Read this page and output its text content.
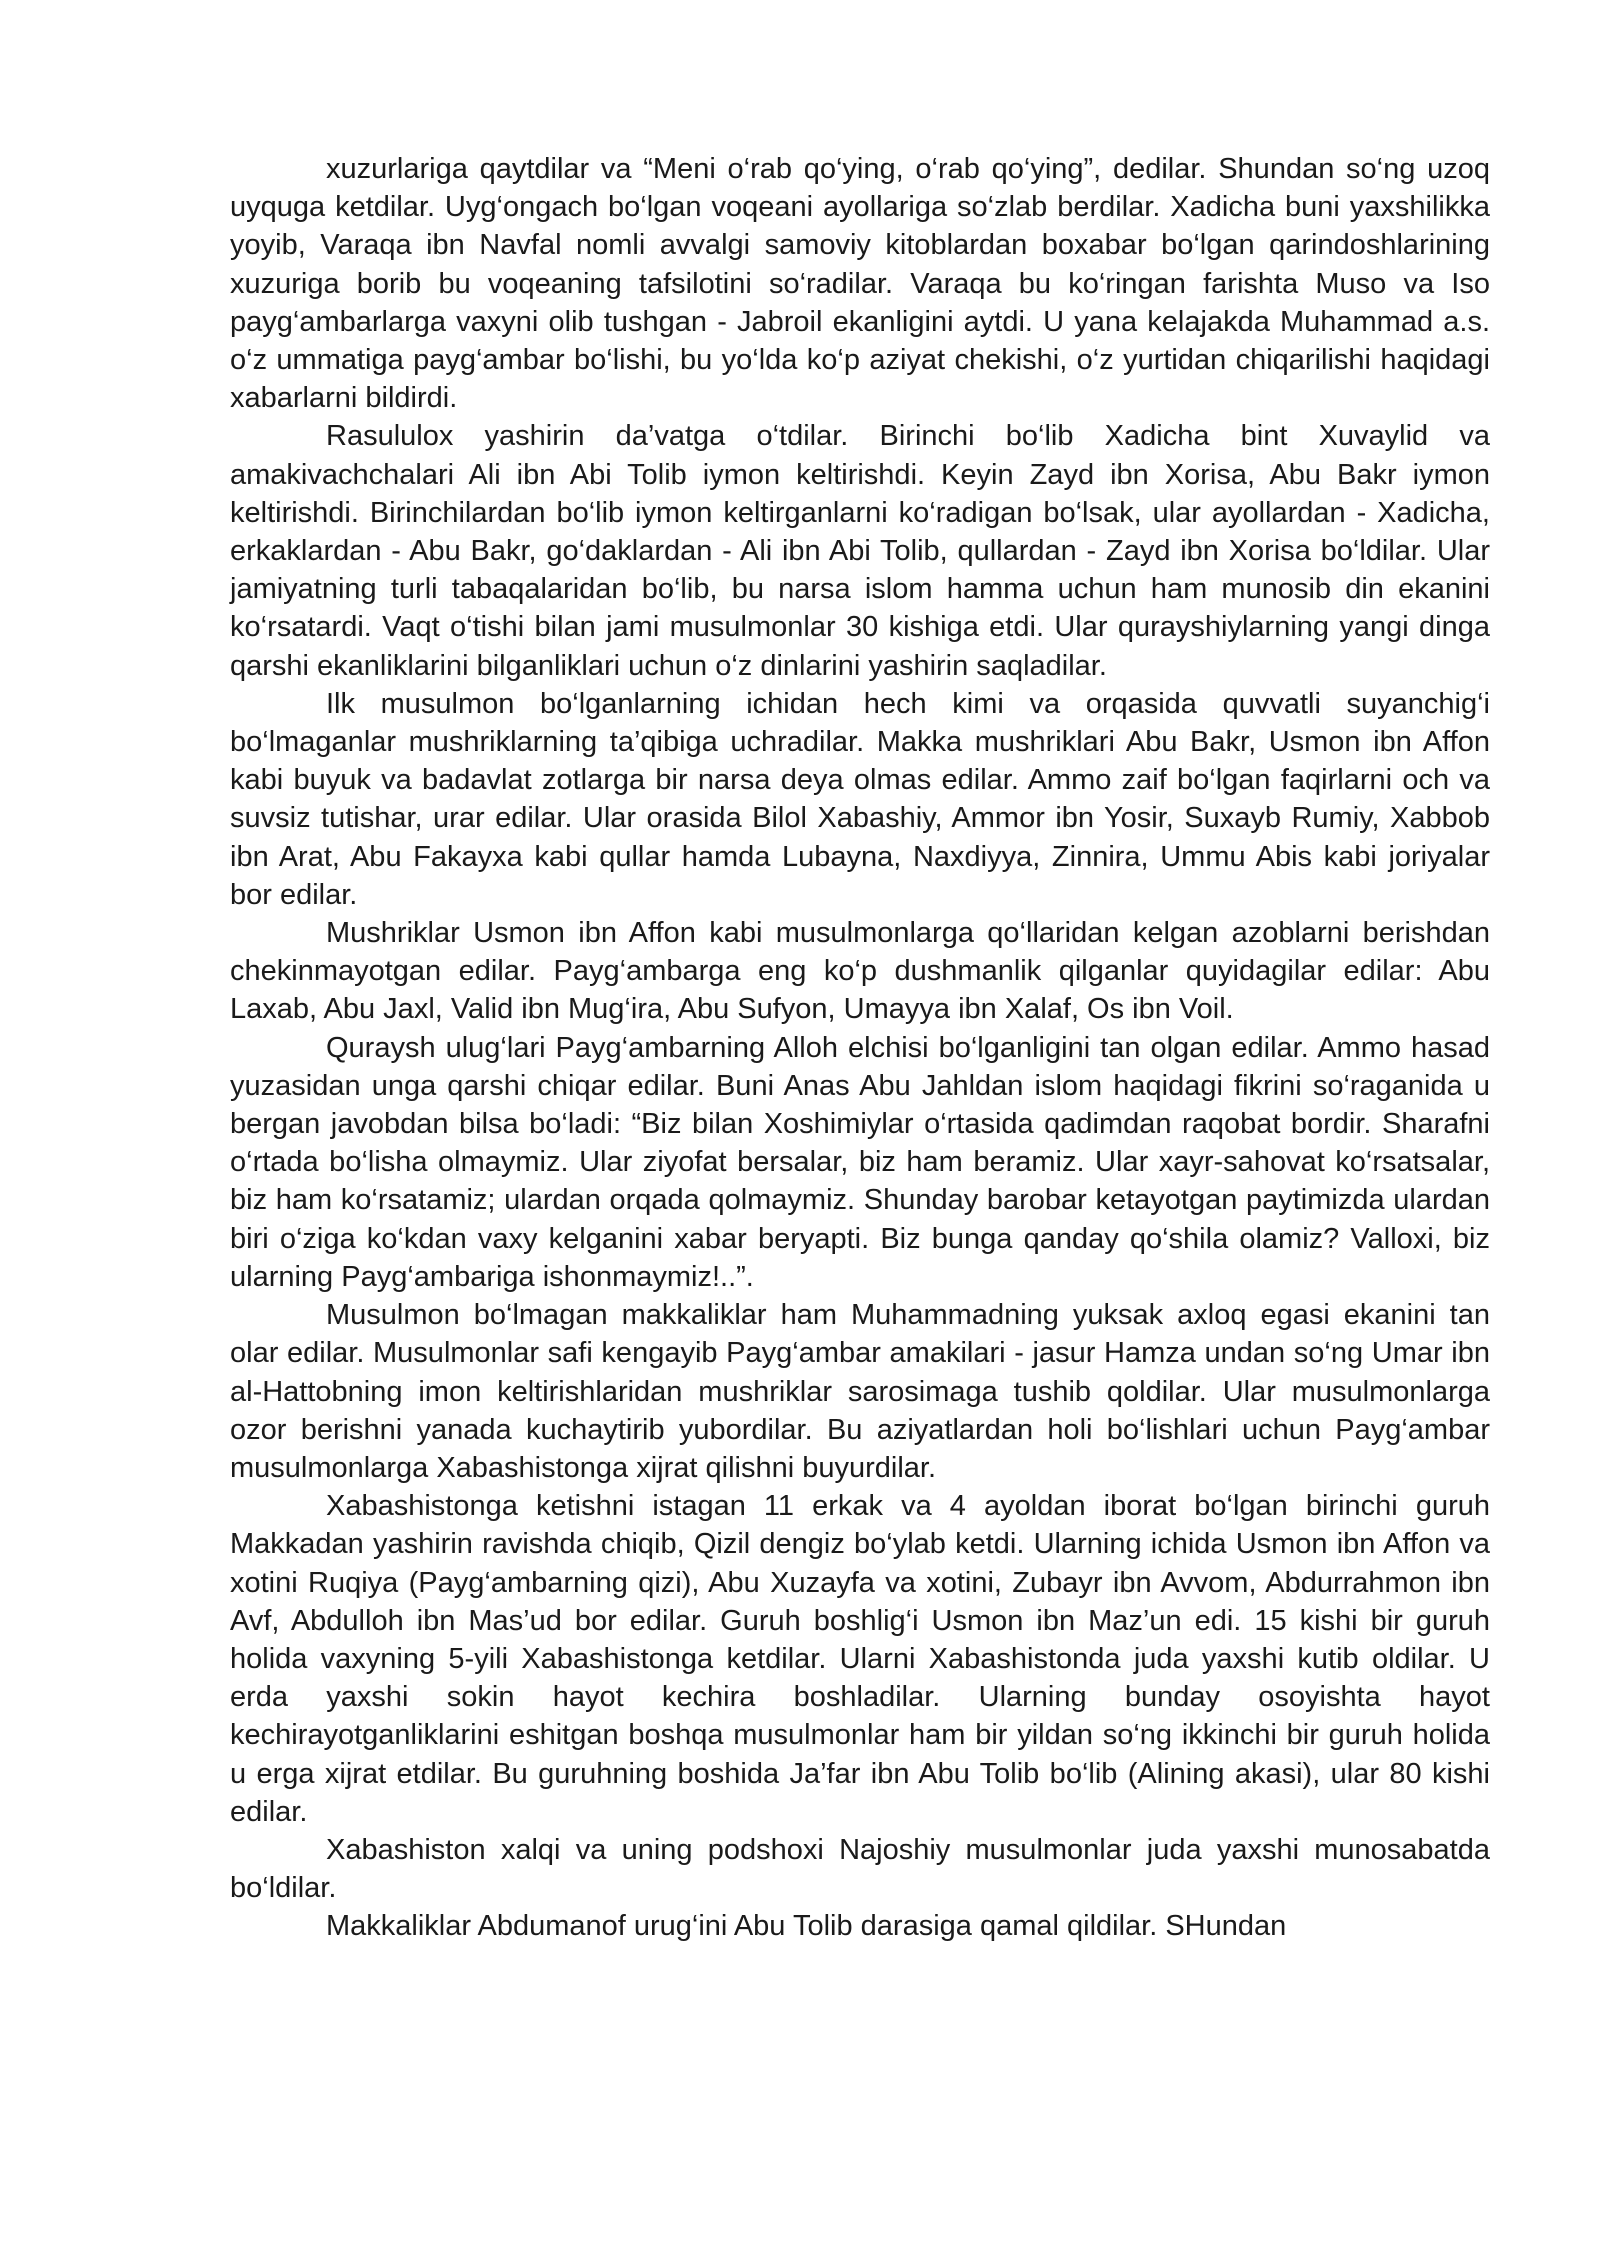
xuzurlariga qaytdilar va “Meni o‘rab qo‘ying, o‘rab qo‘ying”, dedilar. Shundan so‘ng uzoq uyquga ketdilar. Uyg‘ongach bo‘lgan voqeani ayollariga so‘zlab berdilar. Xadicha buni yaxshilikka yoyib, Varaqa ibn Navfal nomli avvalgi samoviy kitoblardan boxabar bo‘lgan qarindoshlarining xuzuriga borib bu voqeaning tafsilotini so‘radilar. Varaqa bu ko‘ringan farishta Muso va Iso payg‘ambarlarga vaxyni olib tushgan - Jabroil ekanligini aytdi. U yana kelajakda Muhammad a.s. o‘z ummatiga payg‘ambar bo‘lishi, bu yo‘lda ko‘p aziyat chekishi, o‘z yurtidan chiqarilishi haqidagi xabarlarni bildirdi.

Rasululox yashirin da’vatga o‘tdilar. Birinchi bo‘lib Xadicha bint Xuvaylid va amakivachchalari Ali ibn Abi Tolib iymon keltirishdi. Keyin Zayd ibn Xorisa, Abu Bakr iymon keltirishdi. Birinchilardan bo‘lib iymon keltirganlarni ko‘radigan bo‘lsak, ular ayollardan - Xadicha, erkaklardan - Abu Bakr, go‘daklardan - Ali ibn Abi Tolib, qullardan - Zayd ibn Xorisa bo‘ldilar. Ular jamiyatning turli tabaqalaridan bo‘lib, bu narsa islom hamma uchun ham munosib din ekanini ko‘rsatardi. Vaqt o‘tishi bilan jami musulmonlar 30 kishiga etdi. Ular qurayshiylarning yangi dinga qarshi ekanliklarini bilganliklari uchun o‘z dinlarini yashirin saqladilar.

Ilk musulmon bo‘lganlarning ichidan hech kimi va orqasida quvvatli suyanchig‘i bo‘lmaganlar mushriklarning ta’qibiga uchradilar. Makka mushriklari Abu Bakr, Usmon ibn Affon kabi buyuk va badavlat zotlarga bir narsa deya olmas edilar. Ammo zaif bo‘lgan faqirlarni och va suvsiz tutishar, urar edilar. Ular orasida Bilol Xabashiy, Ammor ibn Yosir, Suxayb Rumiy, Xabbob ibn Arat, Abu Fakayxa kabi qullar hamda Lubayna, Naxdiyya, Zinnira, Ummu Abis kabi joriyalar bor edilar.

Mushriklar Usmon ibn Affon kabi musulmonlarga qo‘llaridan kelgan azoblarni berishdan chekinmayotgan edilar. Payg‘ambarga eng ko‘p dushmanlik qilganlar quyidagilar edilar: Abu Laxab, Abu Jaxl, Valid ibn Mug‘ira, Abu Sufyon, Umayya ibn Xalaf, Os ibn Voil.

Quraysh ulug‘lari Payg‘ambarning Alloh elchisi bo‘lganligini tan olgan edilar. Ammo hasad yuzasidan unga qarshi chiqar edilar. Buni Anas Abu Jahldan islom haqidagi fikrini so‘raganida u bergan javobdan bilsa bo‘ladi: “Biz bilan Xoshimiylar o‘rtasida qadimdan raqobat bordir. Sharafni o‘rtada bo‘lisha olmaymiz. Ular ziyofat bersalar, biz ham beramiz. Ular xayr-sahovat ko‘rsatsalar, biz ham ko‘rsatamiz; ulardan orqada qolmaymiz. Shunday barobar ketayotgan paytimizda ulardan biri o‘ziga ko‘kdan vaxy kelganini xabar beryapti. Biz bunga qanday qo‘shila olamiz? Valloxi, biz ularning Payg‘ambariga ishonmaymiz!..”.

Musulmon bo‘lmagan makkaliklar ham Muhammadning yuksak axloq egasi ekanini tan olar edilar. Musulmonlar safi kengayib Payg‘ambar amakilari - jasur Hamza undan so‘ng Umar ibn al-Hattobning imon keltirishlaridan mushriklar sarosimaga tushib qoldilar. Ular musulmonlarga ozor berishni yanada kuchaytirib yubordilar. Bu aziyatlardan holi bo‘lishlari uchun Payg‘ambar musulmonlarga Xabashistonga xijrat qilishni buyurdilar.

Xabashistonga ketishni istagan 11 erkak va 4 ayoldan iborat bo‘lgan birinchi guruh Makkadan yashirin ravishda chiqib, Qizil dengiz bo‘ylab ketdi. Ularning ichida Usmon ibn Affon va xotini Ruqiya (Payg‘ambarning qizi), Abu Xuzayfa va xotini, Zubayr ibn Avvom, Abdurrahmon ibn Avf, Abdulloh ibn Mas’ud bor edilar. Guruh boshlig‘i Usmon ibn Maz’un edi. 15 kishi bir guruh holida vaxyning 5-yili Xabashistonga ketdilar. Ularni Xabashistonda juda yaxshi kutib oldilar. U erda yaxshi sokin hayot kechira boshladilar. Ularning bunday osoyishta hayot kechirayotganliklarini eshitgan boshqa musulmonlar ham bir yildan so‘ng ikkinchi bir guruh holida u erga xijrat etdilar. Bu guruhning boshida Ja’far ibn Abu Tolib bo‘lib (Alining akasi), ular 80 kishi edilar.

Xabashiston xalqi va uning podshoxi Najoshiy musulmonlar juda yaxshi munosabatda bo‘ldilar.

Makkaliklar Abdumanof urug‘ini Abu Tolib darasiga qamal qildilar. SHundan
